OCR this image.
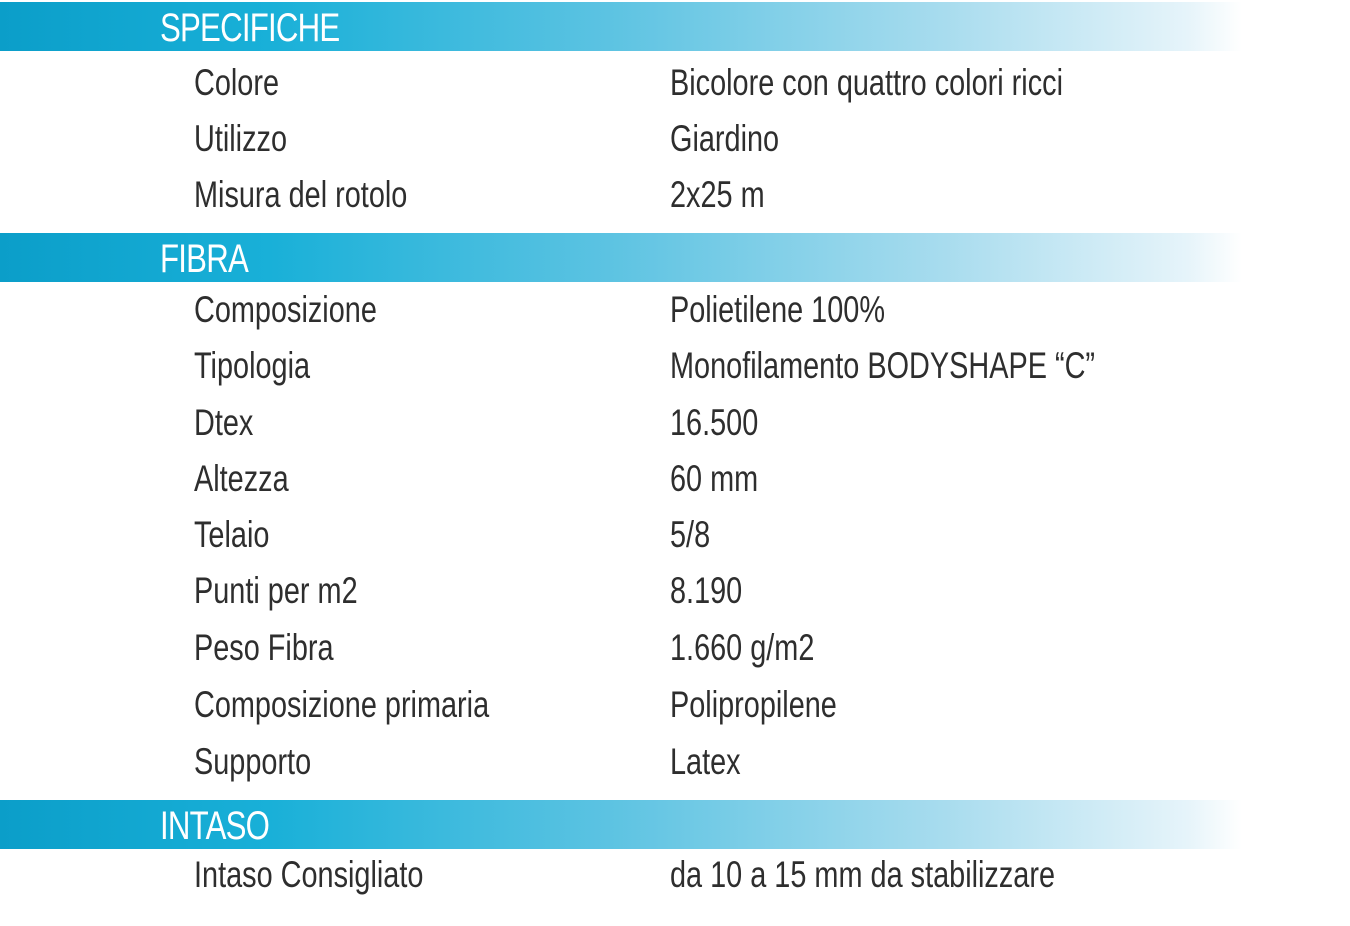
SPECIFICHE
Colore	Bicolore con quattro colori ricci
Utilizzo	Giardino
Misura del rotolo	2x25 m
FIBRA
Composizione	Polietilene 100%
Tipologia	Monofilamento BODYSHAPE “C”
Dtex	16.500
Altezza	60 mm
Telaio	5/8
Punti per m2	8.190
Peso Fibra	1.660 g/m2
Composizione primaria	Polipropilene
Supporto	Latex
INTASO
Intaso Consigliato	da 10 a 15 mm da stabilizzare
